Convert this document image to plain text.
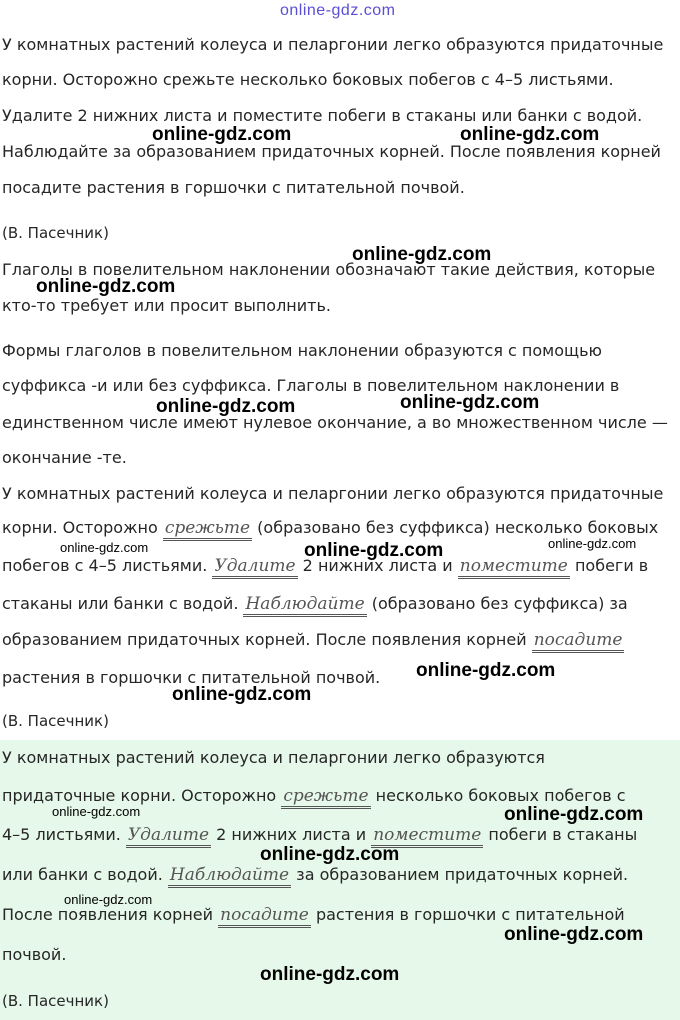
online-gdz.com
У комнатных растений колеуса и пеларгонии легко образуются придаточные
корни. Осторожно срежьте несколько боковых побегов с 4–5 листьями.
Удалите 2 нижних листа и поместите побеги в стаканы или банки с водой.
Наблюдайте за образованием придаточных корней. После появления корней
посадите растения в горшочки с питательной почвой.
(В. Пасечник)
Глаголы в повелительном наклонении обозначают такие действия, которые
кто-то требует или просит выполнить.
Формы глаголов в повелительном наклонении образуются с помощью
суффикса -и или без суффикса. Глаголы в повелительном наклонении в
единственном числе имеют нулевое окончание, а во множественном числе —
окончание -те.
У комнатных растений колеуса и пеларгонии легко образуются придаточные
корни. Осторожно срежьте (образовано без суффикса) несколько боковых
побегов с 4–5 листьями. Удалите 2 нижних листа и поместите побеги в
стаканы или банки с водой. Наблюдайте (образовано без суффикса) за
образованием придаточных корней. После появления корней посадите
растения в горшочки с питательной почвой.
(В. Пасечник)
У комнатных растений колеуса и пеларгонии легко образуются
придаточные корни. Осторожно срежьте несколько боковых побегов с
4–5 листьями. Удалите 2 нижних листа и поместите побеги в стаканы
или банки с водой. Наблюдайте за образованием придаточных корней.
После появления корней посадите растения в горшочки с питательной
почвой.
(В. Пасечник)
online-gdz.com	online-gdz.com
online-gdz.com
online-gdz.com
online-gdz.com	online-gdz.com
online-gdz.com	online-gdz.com	online-gdz.com
online-gdz.com
online-gdz.com
online-gdz.com	online-gdz.com
online-gdz.com
online-gdz.com
online-gdz.com
online-gdz.com
